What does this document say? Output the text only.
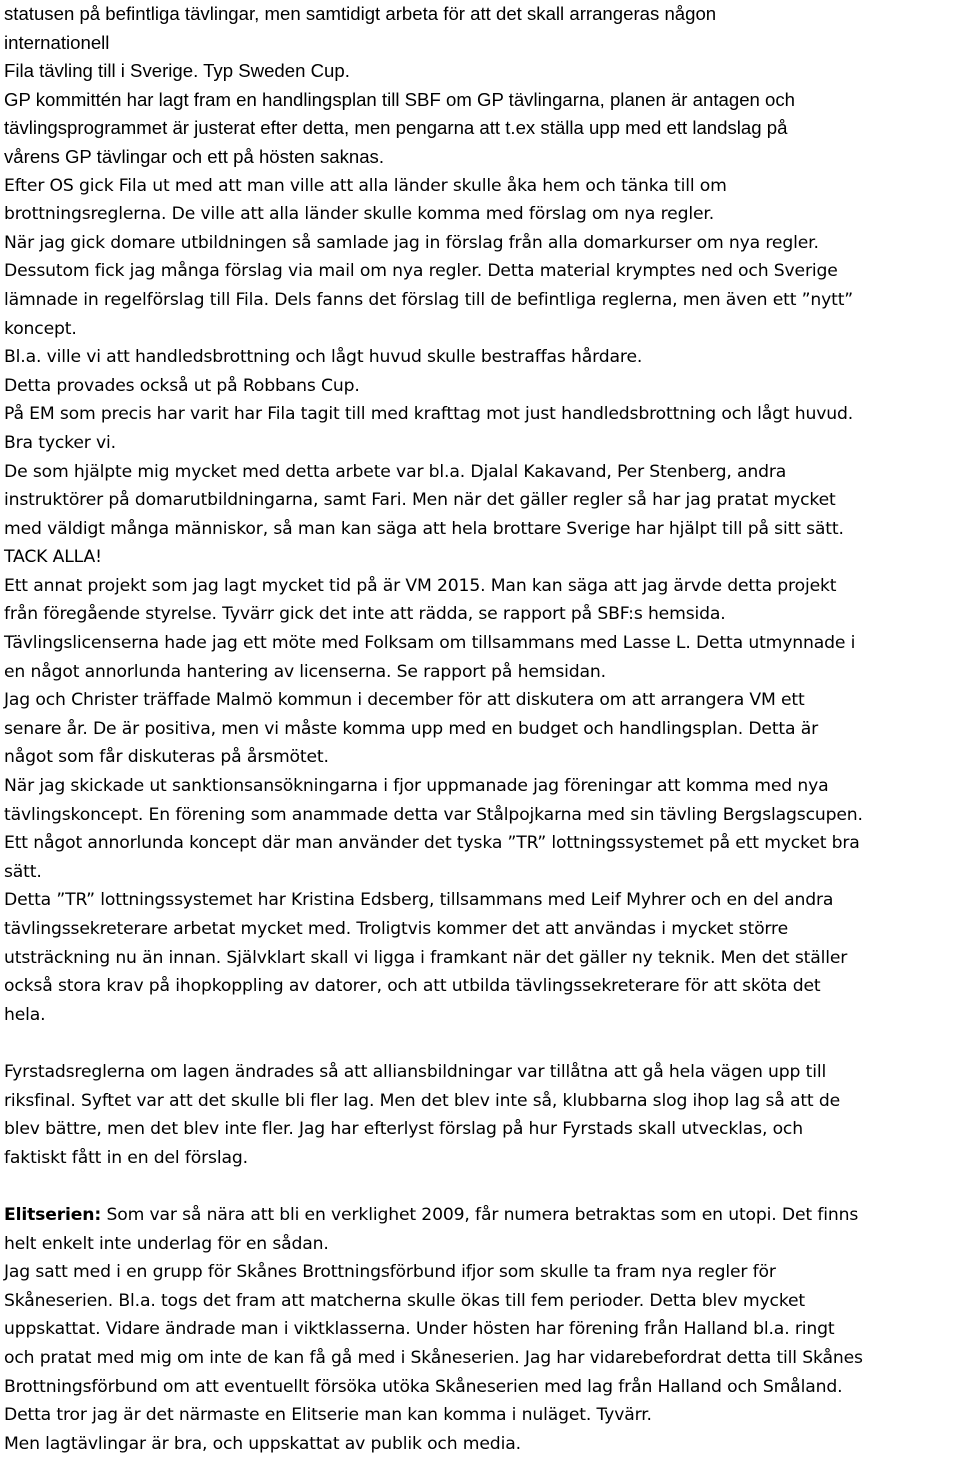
statusen på befintliga tävlingar, men samtidigt arbeta för att det skall arrangeras någon
internationell
Fila tävling till i Sverige. Typ Sweden Cup.
GP kommittén har lagt fram en handlingsplan till SBF om GP tävlingarna, planen är antagen och
tävlingsprogrammet är justerat efter detta, men pengarna att t.ex ställa upp med ett landslag på
vårens GP tävlingar och ett på hösten saknas.
Efter OS gick Fila ut med att man ville att alla länder skulle åka hem och tänka till om
brottningsreglerna. De ville att alla länder skulle komma med förslag om nya regler.
När jag gick domare utbildningen så samlade jag in förslag från alla domarkurser om nya regler.
Dessutom fick jag många förslag via mail om nya regler. Detta material krymptes ned och Sverige
lämnade in regelförslag till Fila. Dels fanns det förslag till de befintliga reglerna, men även ett ”nytt”
koncept.
Bl.a. ville vi att handledsbrottning och lågt huvud skulle bestraffas hårdare.
Detta provades också ut på Robbans Cup.
På EM som precis har varit har Fila tagit till med krafttag mot just handledsbrottning och lågt huvud.
Bra tycker vi.
De som hjälpte mig mycket med detta arbete var bl.a. Djalal Kakavand, Per Stenberg, andra
instruktörer på domarutbildningarna, samt Fari. Men när det gäller regler så har jag pratat mycket
med väldigt många människor, så man kan säga att hela brottare Sverige har hjälpt till på sitt sätt.
TACK ALLA!
Ett annat projekt som jag lagt mycket tid på är VM 2015. Man kan säga att jag ärvde detta projekt
från föregående styrelse. Tyvärr gick det inte att rädda, se rapport på SBF:s hemsida.
Tävlingslicenserna hade jag ett möte med Folksam om tillsammans med Lasse L. Detta utmynnade i
en något annorlunda hantering av licenserna. Se rapport på hemsidan.
Jag och Christer träffade Malmö kommun i december för att diskutera om att arrangera VM ett
senare år. De är positiva, men vi måste komma upp med en budget och handlingsplan. Detta är
något som får diskuteras på årsmötet.
När jag skickade ut sanktionsansökningarna i fjor uppmanade jag föreningar att komma med nya
tävlingskoncept. En förening som anammade detta var Stålpojkarna med sin tävling Bergslagscupen.
Ett något annorlunda koncept där man använder det tyska ”TR” lottningssystemet på ett mycket bra
sätt.
Detta ”TR” lottningssystemet har Kristina Edsberg, tillsammans med Leif Myhrer och en del andra
tävlingssekreterare arbetat mycket med. Troligtvis kommer det att användas i mycket större
utsträckning nu än innan. Självklart skall vi ligga i framkant när det gäller ny teknik. Men det ställer
också stora krav på ihopkoppling av datorer, och att utbilda tävlingssekreterare för att sköta det
hela.
Fyrstadsreglerna om lagen ändrades så att alliansbildningar var tillåtna att gå hela vägen upp till
riksfinal. Syftet var att det skulle bli fler lag. Men det blev inte så, klubbarna slog ihop lag så att de
blev bättre, men det blev inte fler. Jag har efterlyst förslag på hur Fyrstads skall utvecklas, och
faktiskt fått in en del förslag.
Elitserien: Som var så nära att bli en verklighet 2009, får numera betraktas som en utopi. Det finns
helt enkelt inte underlag för en sådan.
Jag satt med i en grupp för Skånes Brottningsförbund ifjor som skulle ta fram nya regler för
Skåneserien. Bl.a. togs det fram att matcherna skulle ökas till fem perioder. Detta blev mycket
uppskattat. Vidare ändrade man i viktklasserna. Under hösten har förening från Halland bl.a. ringt
och pratat med mig om inte de kan få gå med i Skåneserien. Jag har vidarebefordrat detta till Skånes
Brottningsförbund om att eventuellt försöka utöka Skåneserien med lag från Halland och Småland.
Detta tror jag är det närmaste en Elitserie man kan komma i nuläget. Tyvärr.
Men lagtävlingar är bra, och uppskattat av publik och media.
